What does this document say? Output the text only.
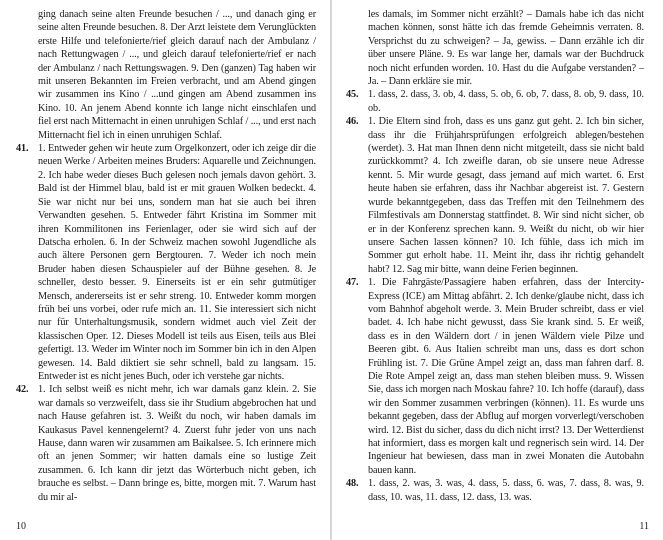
ging danach seine alten Freunde besuchen / ..., und danach ging er seine alten Freunde besuchen. 8. Der Arzt leistete dem Verunglückten erste Hilfe und telefonierte/rief gleich darauf nach der Ambulanz / nach Rettungwagen / ..., und gleich darauf telefonierte/rief er nach der Ambulanz / nach Rettungswagen. 9. Den (ganzen) Tag haben wir mit unseren Bekannten im Freien verbracht, und am Abend gingen wir zusammen ins Kino / ...und gingen am Abend zusammen ins Kino. 10. An jenem Abend konnte ich lange nicht einschlafen und fiel erst nach Mitternacht in einen unruhigen Schlaf / ..., und erst nach Mitternacht fiel ich in einen unruhigen Schlaf.

41. 1. Entweder gehen wir heute zum Orgelkonzert, oder ich zeige dir die neuen Werke / Arbeiten meines Bruders: Aquarelle und Zeichnungen. 2. Ich habe weder dieses Buch gelesen noch jemals davon gehört. 3. Bald ist der Himmel blau, bald ist er mit grauen Wolken bedeckt. 4. Sie war nicht nur bei uns, sondern man hat sie auch bei ihren Verwandten gesehen. 5. Entweder fährt Kristina im Sommer mit ihren Kommilitonen ins Ferienlager, oder sie wird sich auf der Datscha erholen. 6. In der Schweiz machen sowohl Jugendliche als auch ältere Personen gern Bergtouren. 7. Weder ich noch mein Bruder haben diesen Schauspieler auf der Bühne gesehen. 8. Je schneller, desto besser. 9. Einerseits ist er ein sehr gutmütiger Mensch, andererseits ist er sehr streng. 10. Entweder komm morgen früh bei uns vorbei, oder rufe mich an. 11. Sie interessiert sich nicht nur für Unterhaltungsmusik, sondern widmet auch viel Zeit der klassischen Oper. 12. Dieses Modell ist teils aus Eisen, teils aus Blei gefertigt. 13. Weder im Winter noch im Sommer bin ich in den Alpen gewesen. 14. Bald diktiert sie sehr schnell, bald zu langsam. 15. Entweder ist es nicht jenes Buch, oder ich verstehe gar nichts.
42. 1. Ich selbst weiß es nicht mehr, ich war damals ganz klein. 2. Sie war damals so verzweifelt, dass sie ihr Studium abgebrochen hat und nach Hause gefahren ist. 3. Weißt du noch, wir haben damals im Kaukasus Pavel kennengelernt? 4. Zuerst fuhr jeder von uns nach Hause, dann waren wir zusammen am Baikalsee. 5. Ich erinnere mich oft an jenen Sommer; wir hatten damals eine so lustige Zeit zusammen. 6. Ich kann dir jetzt das Wörterbuch nicht geben, ich brauche es selbst. – Dann bringe es, bitte, morgen mit. 7. Warum hast du mir al-
10

les damals, im Sommer nicht erzählt? – Damals habe ich das nicht machen können, sonst hätte ich das fremde Geheimnis verraten. 8. Versprichst du zu schweigen? – Ja, gewiss. – Dann erzähle ich dir über unsere Pläne. 9. Es war lange her, damals war der Buchdruck noch nicht erfunden worden. 10. Hast du die Aufgabe verstanden? – Ja. – Dann erkläre sie mir.

45. 1. dass, 2. dass, 3. ob, 4. dass, 5. ob, 6. ob, 7. dass, 8. ob, 9. dass, 10. ob.
46. 1. Die Eltern sind froh, dass es uns ganz gut geht. 2. Ich bin sicher, dass ihr die Frühjahrsprüfungen erfolgreich ablegen/bestehen (werdet). 3. Hat man Ihnen denn nicht mitgeteilt, dass sie nicht bald zurückkommt? 4. Ich zweifle daran, ob sie unsere neue Adresse kennt. 5. Mir wurde gesagt, dass jemand auf mich wartet. 6. Erst heute haben sie erfahren, dass ihr Nachbar abgereist ist. 7. Gestern wurde bekanntgegeben, dass das Treffen mit den Teilnehmern des Filmfestivals am Donnerstag stattfindet. 8. Wir sind nicht sicher, ob er in der Konferenz sprechen kann. 9. Weißt du nicht, ob wir hier unsere Sachen lassen können? 10. Ich fühle, dass ich mich im Sommer gut erholt habe. 11. Meint ihr, dass ihr richtig gehandelt habt? 12. Sag mir bitte, wann deine Ferien beginnen.
47. 1. Die Fahrgäste/Passagiere haben erfahren, dass der Intercity-Express (ICE) am Mittag abfährt. 2. Ich denke/glaube nicht, dass ich vom Bahnhof abgeholt werde. 3. Mein Bruder schreibt, dass er viel badet. 4. Ich habe nicht gewusst, dass Sie krank sind. 5. Er weiß, dass es in den Wäldern dort / in jenen Wäldern viele Pilze und Beeren gibt. 6. Aus Italien schreibt man uns, dass es dort schon Frühling ist. 7. Die Grüne Ampel zeigt an, dass man fahren darf. 8. Die Rote Ampel zeigt an, dass man stehen bleiben muss. 9. Wissen Sie, dass ich morgen nach Moskau fahre? 10. Ich hoffe (darauf), dass wir den Sommer zusammen verbringen (können). 11. Es wurde uns bekannt gegeben, dass der Abflug auf morgen vorverlegt/verschoben wird. 12. Bist du sicher, dass du dich nicht irrst? 13. Der Wetterdienst hat informiert, dass es morgen kalt und regnerisch sein wird. 14. Der Ingenieur hat bewiesen, dass man in zwei Monaten die Autobahn bauen kann.
48. 1. dass, 2. was, 3. was, 4. dass, 5. dass, 6. was, 7. dass, 8. was, 9. dass, 10. was, 11. dass, 12. dass, 13. was.
11
